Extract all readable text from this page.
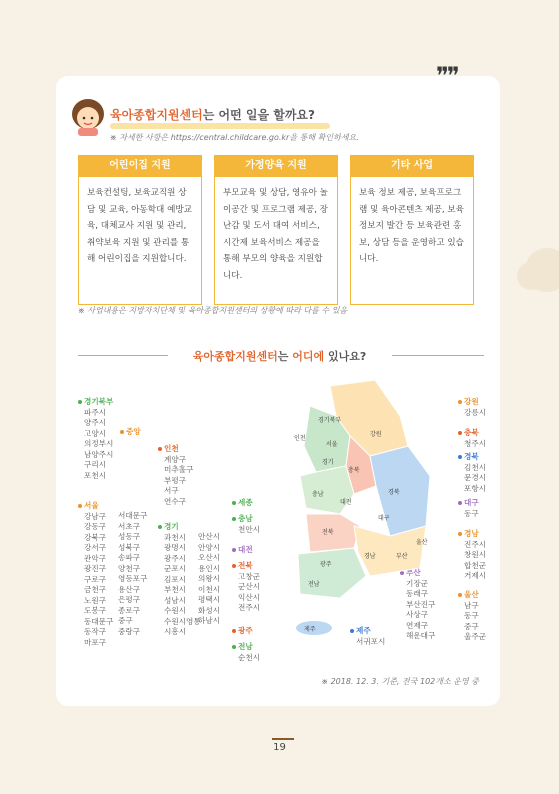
❞❞
육아종합지원센터는 어떤 일을 할까요?
※ 자세한 사항은 https://central.childcare.go.kr을 통해 확인하세요.
어린이집 지원
보육컨설팅, 보육교직원 상담 및 교육, 아동학대 예방교육, 대체교사 지원 및 관리, 취약보육 지원 및 관리를 통해 어린이집을 지원합니다.
가정양육 지원
부모교육 및 상담, 영유아 놀이공간 및 프로그램 제공, 장난감 및 도서 대여 서비스, 시간제 보육서비스 제공을 통해 부모의 양육을 지원합니다.
기타 사업
보육 정보 제공, 보육프로그램 및 육아콘텐츠 제공, 보육정보지 발간 등 보육관련 홍보, 상담 등을 운영하고 있습니다.
※ 사업내용은 지방자치단체 및 육아종합지원센터의 상황에 따라 다를 수 있음
육아종합지원센터는 어디에 있나요?
경기북부
파주시
양주시
고양시
의정부시
남양주시
구리시
포천시
중앙
서울
강남구
강동구
강북구
강서구
관악구
광진구
구로구
금천구
노원구
도봉구
동대문구
동작구
마포구
서대문구
서초구
성동구
성북구
송파구
양천구
영등포구
용산구
은평구
종로구
중구
중랑구
인천
계양구
미추홀구
부평구
서구
연수구
경기
과천시
광명시
광주시
군포시
김포시
부천시
성남시
수원시
수원시영통
시흥시
안산시
안양시
오산시
용인시
의왕시
이천시
평택시
화성시
하남시
세종
충남
천안시
대전
전북
고창군
군산시
익산시
전주시
광주
전남
순천시
제주
서귀포시
강원
강릉시
충북
청주시
경북
김천시
문경시
포항시
대구
동구
경남
진주시
창원시
합천군
거제시
부산
기장군
동래구
부산진구
사상구
연제구
해운대구
울산
남구
동구
중구
울주군
경기북부
인천
서울
경기
강원
충북
충남
대전
경북
대구
전북
광주
전남
경남	부산
울산
제주
※ 2018. 12. 3. 기준, 전국 102개소 운영 중
19
